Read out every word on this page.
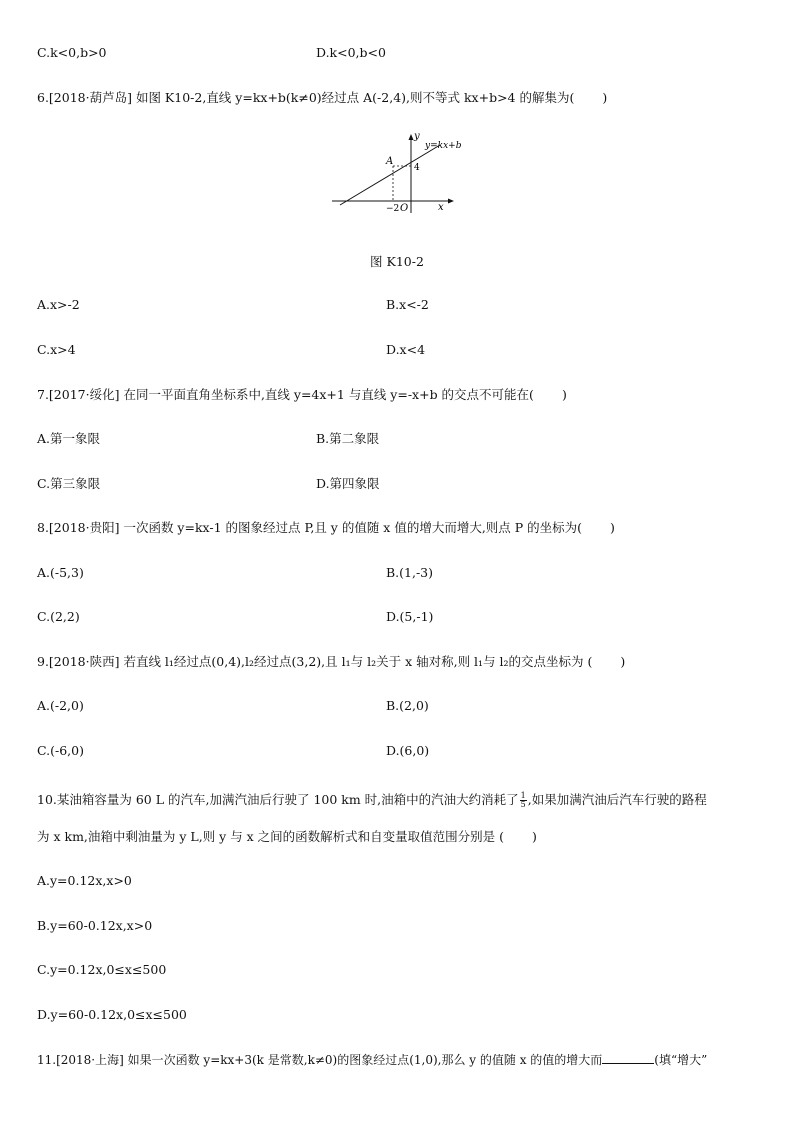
C.k<0,b>0	D.k<0,b<0
6.[2018·葫芦岛] 如图 K10-2,直线 y=kx+b(k≠0)经过点 A(-2,4),则不等式 kx+b>4 的解集为( )
y=kx+b
A
4
−2 O	x
y
图 K10-2
A.x>-2	B.x<-2
C.x>4	D.x<4
7.[2017·绥化] 在同一平面直角坐标系中,直线 y=4x+1 与直线 y=-x+b 的交点不可能在( )
A.第一象限	B.第二象限
C.第三象限	D.第四象限
8.[2018·贵阳] 一次函数 y=kx-1 的图象经过点 P,且 y 的值随 x 值的增大而增大,则点 P 的坐标为( )
A.(-5,3)	B.(1,-3)
C.(2,2)	D.(5,-1)
9.[2018·陕西] 若直线 l₁经过点(0,4),l₂经过点(3,2),且 l₁与 l₂关于 x 轴对称,则 l₁与 l₂的交点坐标为 ( )
A.(-2,0)	B.(2,0)
C.(-6,0)	D.(6,0)
10.某油箱容量为 60 L 的汽车,加满汽油后行驶了 100 km 时,油箱中的汽油大约消耗了 $\frac{1}{5}$ ,如果加满汽油后汽车行驶的路程
为 x km,油箱中剩油量为 y L,则 y 与 x 之间的函数解析式和自变量取值范围分别是 ( )
A.y=0.12x,x>0
B.y=60-0.12x,x>0
C.y=0.12x,0≤x≤500
D.y=60-0.12x,0≤x≤500
11.[2018·上海] 如果一次函数 y=kx+3(k 是常数,k≠0)的图象经过点(1,0),那么 y 的值随 x 的值的增大而	(填“增大”
